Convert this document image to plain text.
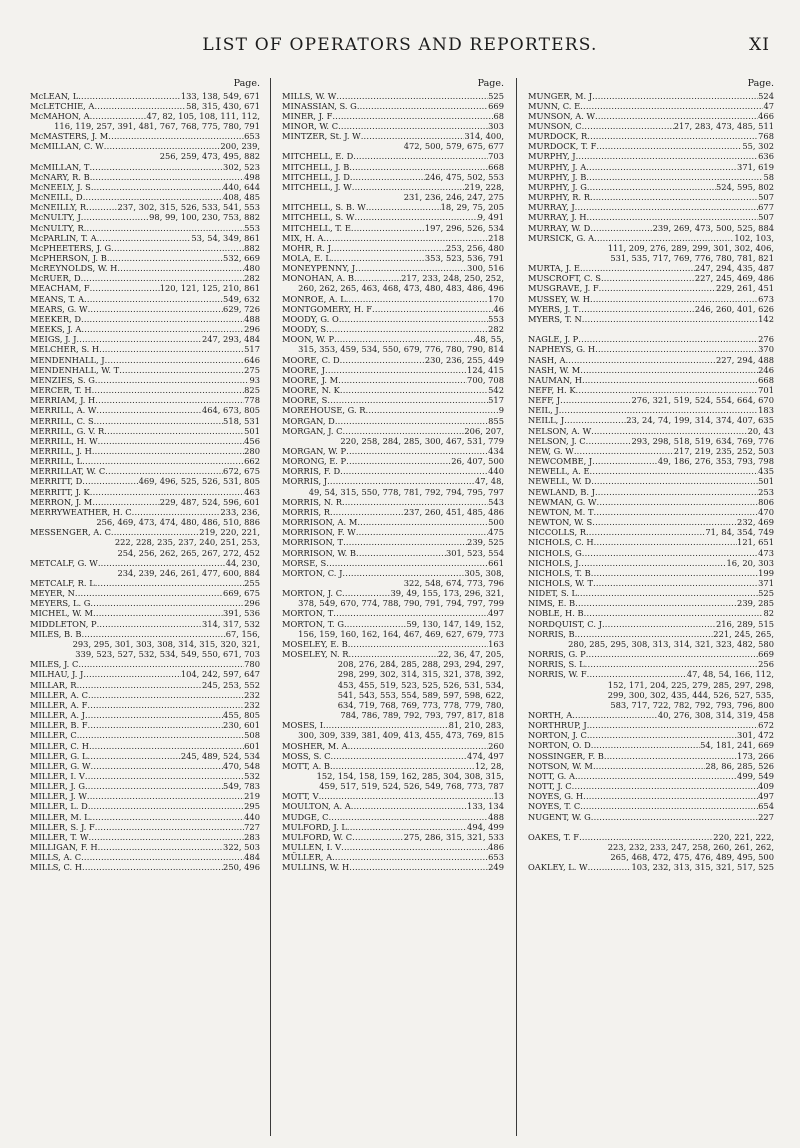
LIST OF OPERATORS AND REPORTERS.	XI
Page.
McLEAN, L .....	133, 138, 549, 671
McLETCHIE, A .....	58, 315, 430, 671
McMAHON, A .....	47, 82, 105, 108, 111, 112,
116, 119, 257, 391, 481, 767, 768, 775, 780, 791
McMASTERS, J. M .....	653
McMILLAN, C. W .....	200, 239,
256, 259, 473, 495, 882
McMILLAN, T .....	302, 523
McNARY, R. B .....	498
McNEELY, J. S .....	440, 644
McNEILL, D .....	408, 485
McNEILLY, R .....	237, 302, 315, 526, 533, 541, 553
McNULTY, J .....	98, 99, 100, 230, 753, 882
McNULTY, R .....	553
McPARLIN, T. A .....	53, 54, 349, 861
McPHEETERS, J. G .....	882
McPHERSON, J. B .....	532, 669
McREYNOLDS, W. H .....	480
McRUER, D .....	282
MEACHAM, F .....	120, 121, 125, 210, 861
MEANS, T. A .....	549, 632
MEARS, G. W .....	629, 726
MEEKER, D .....	488
MEEKS, J. A .....	296
MEIGS, J. J .....	247, 293, 484
MELCHER, S. H .....	517
MENDENHALL, J .....	646
MENDENHALL, W. T .....	275
MENZIES, S. G .....	93
MERCER, T. H .....	825
MERRIAM, J. H .....	778
MERRILL, A. W .....	464, 673, 805
MERRILL, C. S .....	518, 531
MERRILL, G. V. R .....	501
MERRILL, H. W .....	456
MERRILL, J. H .....	280
MERRILL, L .....	662
MERRILLAT, W. C .....	672, 675
MERRITT, D .....	469, 496, 525, 526, 531, 805
MERRITT, J. K .....	463
MERRON, J. M .....	229, 487, 524, 596, 601
MERRYWEATHER, H. C .....	233, 236,
256, 469, 473, 474, 480, 486, 510, 886
MESSENGER, A. C .....	219, 220, 221,
222, 228, 235, 237, 240, 251, 253,
254, 256, 262, 265, 267, 272, 452
METCALF, G. W .....	44, 230,
234, 239, 246, 261, 477, 600, 884
METCALF, R. L .....	255
MEYER, N .....	669, 675
MEYERS, L. G .....	296
MICHEL, W. M .....	391, 536
MIDDLETON, P .....	314, 317, 532
MILES, B. B .....	67, 156,
293, 295, 301, 303, 308, 314, 315, 320, 321,
339, 523, 527, 532, 534, 549, 550, 671, 703
MILES, J. C .....	780
MILHAU, J. J .....	104, 242, 597, 647
MILLAR, R .....	245, 253, 552
MILLER, A. C .....	232
MILLER, A. F .....	232
MILLER, A. J .....	455, 805
MILLER, B. F .....	230, 601
MILLER, C .....	508
MILLER, C. H .....	601
MILLER, G. L .....	245, 489, 524, 534
MILLER, G. W .....	470, 548
MILLER, I. V .....	532
MILLER, J. G .....	549, 783
MILLER, J. W .....	219
MILLER, L. D .....	295
MILLER, M. L .....	440
MILLER, S. J. F .....	727
MILLER, T. W .....	283
MILLIGAN, F. H .....	322, 503
MILLS, A. C .....	484
MILLS, C. H .....	250, 496
Page.
MILLS, W. W .....	525
MINASSIAN, S. G .....	669
MINER, J. F .....	68
MINOR, W. C .....	303
MINTZER, St. J. W .....	314, 400,
472, 500, 579, 675, 677
MITCHELL, E. D .....	703
MITCHELL, J. B .....	668
MITCHELL, J. D .....	246, 475, 502, 553
MITCHELL, J. W .....	219, 228,
231, 236, 246, 247, 275
MITCHELL, S. B. W .....	18, 29, 75, 205
MITCHELL, S. W .....	9, 491
MITCHELL, T. E .....	197, 296, 526, 534
MIX, H. A .....	218
MOHR, R. J .....	253, 256, 480
MOLA, E. L .....	353, 523, 536, 791
MONEYPENNY, J .....	300, 516
MONOHAN, A. B .....	217, 233, 248, 250, 252,
260, 262, 265, 463, 468, 473, 480, 483, 486, 496
MONROE, A. L .....	170
MONTGOMERY, H. F .....	46
MOODY, G. O .....	553
MOODY, S .....	282
MOON, W. P .....	48, 55,
315, 353, 459, 534, 550, 679, 776, 780, 790, 814
MOORE, C. D .....	230, 236, 255, 449
MOORE, J .....	124, 415
MOORE, J. M .....	700, 708
MOORE, N. K .....	542
MOORE, S .....	517
MOREHOUSE, G. R .....	9
MORGAN, D .....	855
MORGAN, J. C .....	206, 207,
220, 258, 284, 285, 300, 467, 531, 779
MORGAN, W. P .....	434
MORONG, E. P .....	26, 407, 500
MORRIS, F. D .....	440
MORRIS, J .....	47, 48,
49, 54, 315, 550, 778, 781, 792, 794, 795, 797
MORRIS, N. R .....	543
MORRIS, R .....	237, 260, 451, 485, 486
MORRISON, A. M .....	500
MORRISON, F. W .....	475
MORRISON, T .....	239, 525
MORRISON, W. B .....	301, 523, 554
MORSE, S .....	661
MORTON, C. J .....	305, 308,
322, 548, 674, 773, 796
MORTON, J. C .....	39, 49, 155, 173, 296, 321,
378, 549, 670, 774, 788, 790, 791, 794, 797, 799
MORTON, T .....	497
MORTON, T. G .....	59, 130, 147, 149, 152,
156, 159, 160, 162, 164, 467, 469, 627, 679, 773
MOSELEY, E. B .....	163
MOSELEY, N. R .....	22, 36, 47, 205,
208, 276, 284, 285, 288, 293, 294, 297,
298, 299, 302, 314, 315, 321, 378, 392,
453, 455, 519, 523, 525, 526, 531, 534,
541, 543, 553, 554, 589, 597, 598, 622,
634, 719, 768, 769, 773, 778, 779, 780,
784, 786, 789, 792, 793, 797, 817, 818
MOSES, I .....	81, 210, 283,
300, 309, 339, 381, 409, 413, 455, 473, 769, 815
MOSHER, M. A .....	260
MOSS, S. C .....	474, 497
MOTT, A. B .....	12, 28,
152, 154, 158, 159, 162, 285, 304, 308, 315,
459, 517, 519, 524, 526, 549, 768, 773, 787
MOTT, V .....	13
MOULTON, A. A .....	133, 134
MUDGE, C .....	488
MULFORD, J. L .....	494, 499
MULFORD, W. C .....	275, 286, 315, 321, 533
MULLEN, I. V .....	486
MÜLLER, A .....	653
MULLINS, W. H .....	249
Page.
MUNGER, M. J .....	524
MUNN, C. E .....	47
MUNSON, A. W .....	466
MUNSON, C .....	217, 283, 473, 485, 511
MURDOCK, R .....	768
MURDOCK, T. F .....	55, 302
MURPHY, J .....	636
MURPHY, J. A .....	371, 619
MURPHY, J. B .....	58
MURPHY, J. G .....	524, 595, 802
MURPHY, R. R .....	507
MURRAY, J .....	677
MURRAY, J. H .....	507
MURRAY, W. D .....	239, 269, 473, 500, 525, 884
MURSICK, G. A .....	102, 103,
111, 209, 276, 289, 299, 301, 302, 406,
531, 535, 717, 769, 776, 780, 781, 821
MURTA, J. E .....	247, 294, 435, 487
MUSCROFT, C. S .....	227, 245, 469, 486
MUSGRAVE, J. F .....	229, 261, 451
MUSSEY, W. H .....	673
MYERS, J. T .....	246, 260, 401, 626
MYERS, T. N .....	142
NAGLE, J. P .....	276
NAPHEYS, G. H .....	370
NASH, A .....	227, 294, 488
NASH, W. M .....	246
NAUMAN, H .....	668
NEFF, H. K .....	701
NEFF, J .....	276, 321, 519, 524, 554, 664, 670
NEIL, J .....	183
NEILL, J .....	23, 24, 74, 199, 314, 374, 407, 635
NELSON, A. W .....	20, 43
NELSON, J. C .....	293, 298, 518, 519, 634, 769, 776
NEW, G. W .....	217, 219, 235, 252, 503
NEWCOMBE, J .....	49, 186, 276, 353, 793, 798
NEWELL, A. E .....	435
NEWELL, W. D .....	501
NEWLAND, B. J .....	253
NEWMAN, G. W .....	806
NEWTON, M. T .....	470
NEWTON, W. S .....	232, 469
NICCOLLS, R .....	71, 84, 354, 749
NICHOLS, C. H .....	121, 651
NICHOLS, G .....	473
NICHOLS, J .....	16, 20, 303
NICHOLS, T. B .....	199
NICHOLS, W. T .....	371
NIDET, S. L .....	525
NIMS, E. B .....	239, 285
NOBLE, H. B .....	82
NORDQUIST, C. J .....	216, 289, 515
NORRIS, B .....	221, 245, 265,
280, 285, 295, 308, 313, 314, 321, 323, 482, 580
NORRIS, G. P .....	669
NORRIS, S. L .....	256
NORRIS, W. F .....	47, 48, 54, 166, 112,
152, 171, 204, 225, 279, 285, 297, 298,
299, 300, 302, 435, 444, 526, 527, 535,
583, 717, 722, 782, 792, 793, 796, 800
NORTH, A .....	40, 276, 308, 314, 319, 458
NORTHRUP, J .....	672
NORTON, J. C .....	301, 472
NORTON, O. D .....	54, 181, 241, 669
NOSSINGER, F. B .....	173, 266
NOTSON, W. M .....	28, 86, 285, 526
NOTT, G. A .....	499, 549
NOTT, J. C .....	409
NOYES, G. H .....	497
NOYES, T. C .....	654
NUGENT, W. G .....	227
OAKES, T. F .....	220, 221, 222,
223, 232, 233, 247, 258, 260, 261, 262,
265, 468, 472, 475, 476, 489, 495, 500
OAKLEY, L. W .....	103, 232, 313, 315, 321, 517, 525
